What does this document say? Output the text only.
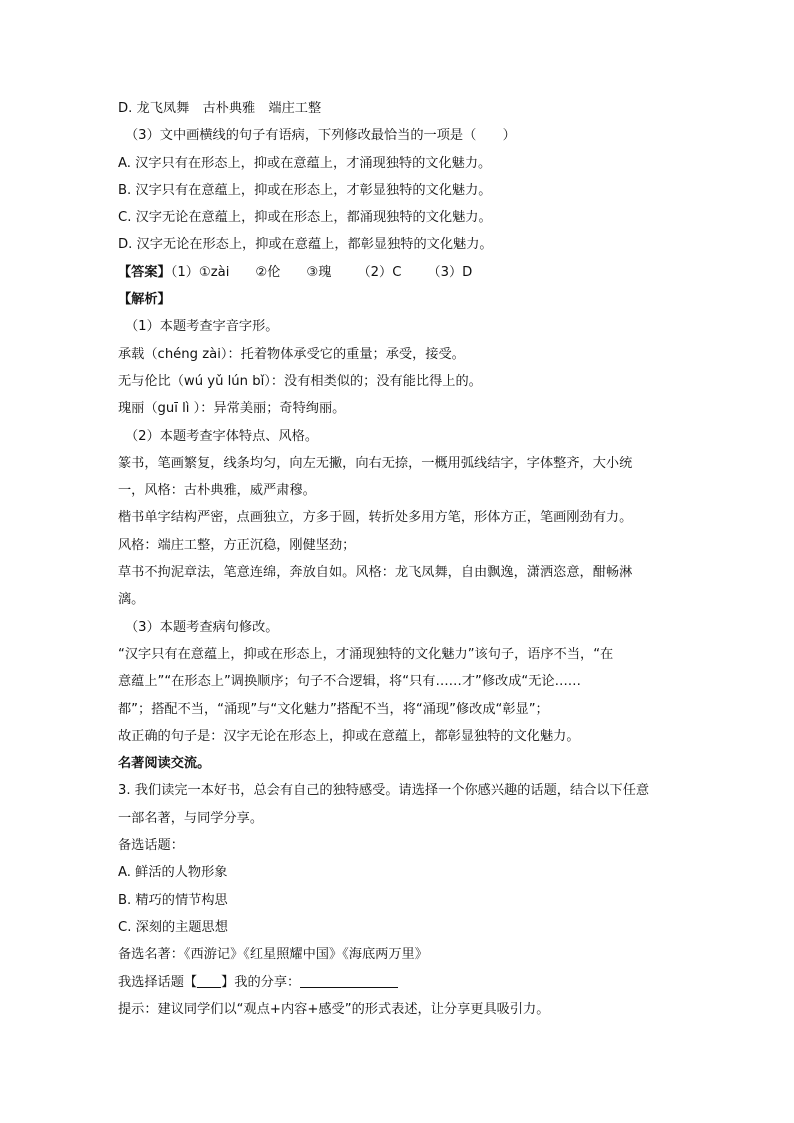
D. 龙飞凤舞　古朴典雅　端庄工整
（3）文中画横线的句子有语病，下列修改最恰当的一项是（　　）
A. 汉字只有在形态上，抑或在意蕴上，才涌现独特的文化魅力。
B. 汉字只有在意蕴上，抑或在形态上，才彰显独特的文化魅力。
C. 汉字无论在意蕴上，抑或在形态上，都涌现独特的文化魅力。
D. 汉字无论在形态上，抑或在意蕴上，都彰显独特的文化魅力。
【答案】（1）①zài ②伦 ③瑰 （2）C （3）D
【解析】
（1）本题考查字音字形。
承载（chéng zài）：托着物体承受它的重量；承受，接受。
无与伦比（wú yǔ lún bǐ）：没有相类似的；没有能比得上的。
瑰丽（guī lì ）：异常美丽；奇特绚丽。
（2）本题考查字体特点、风格。
篆书，笔画繁复，线条均匀，向左无撇，向右无捺，一概用弧线结字，字体整齐，大小统
一，风格：古朴典雅，威严肃穆。
楷书单字结构严密，点画独立，方多于圆，转折处多用方笔，形体方正，笔画刚劲有力。
风格：端庄工整，方正沉稳，刚健坚劲；
草书不拘泥章法，笔意连绵，奔放自如。风格：龙飞凤舞，自由飘逸，潇洒恣意，酣畅淋
漓。
（3）本题考查病句修改。
“汉字只有在意蕴上，抑或在形态上，才涌现独特的文化魅力”该句子，语序不当，“在
意蕴上”“在形态上”调换顺序；句子不合逻辑，将“只有……才”修改成“无论……
都”；搭配不当，“涌现”与“文化魅力”搭配不当，将“涌现”修改成“彰显”；
故正确的句子是：汉字无论在形态上，抑或在意蕴上，都彰显独特的文化魅力。
名著阅读交流。
3. 我们读完一本好书，总会有自己的独特感受。请选择一个你感兴趣的话题，结合以下任意
一部名著，与同学分享。
备选话题：
A. 鲜活的人物形象
B. 精巧的情节构思
C. 深刻的主题思想
备选名著：《西游记》《红星照耀中国》《海底两万里》
我选择话题【 】我的分享：
提示：建议同学们以“观点+内容+感受”的形式表述，让分享更具吸引力。
